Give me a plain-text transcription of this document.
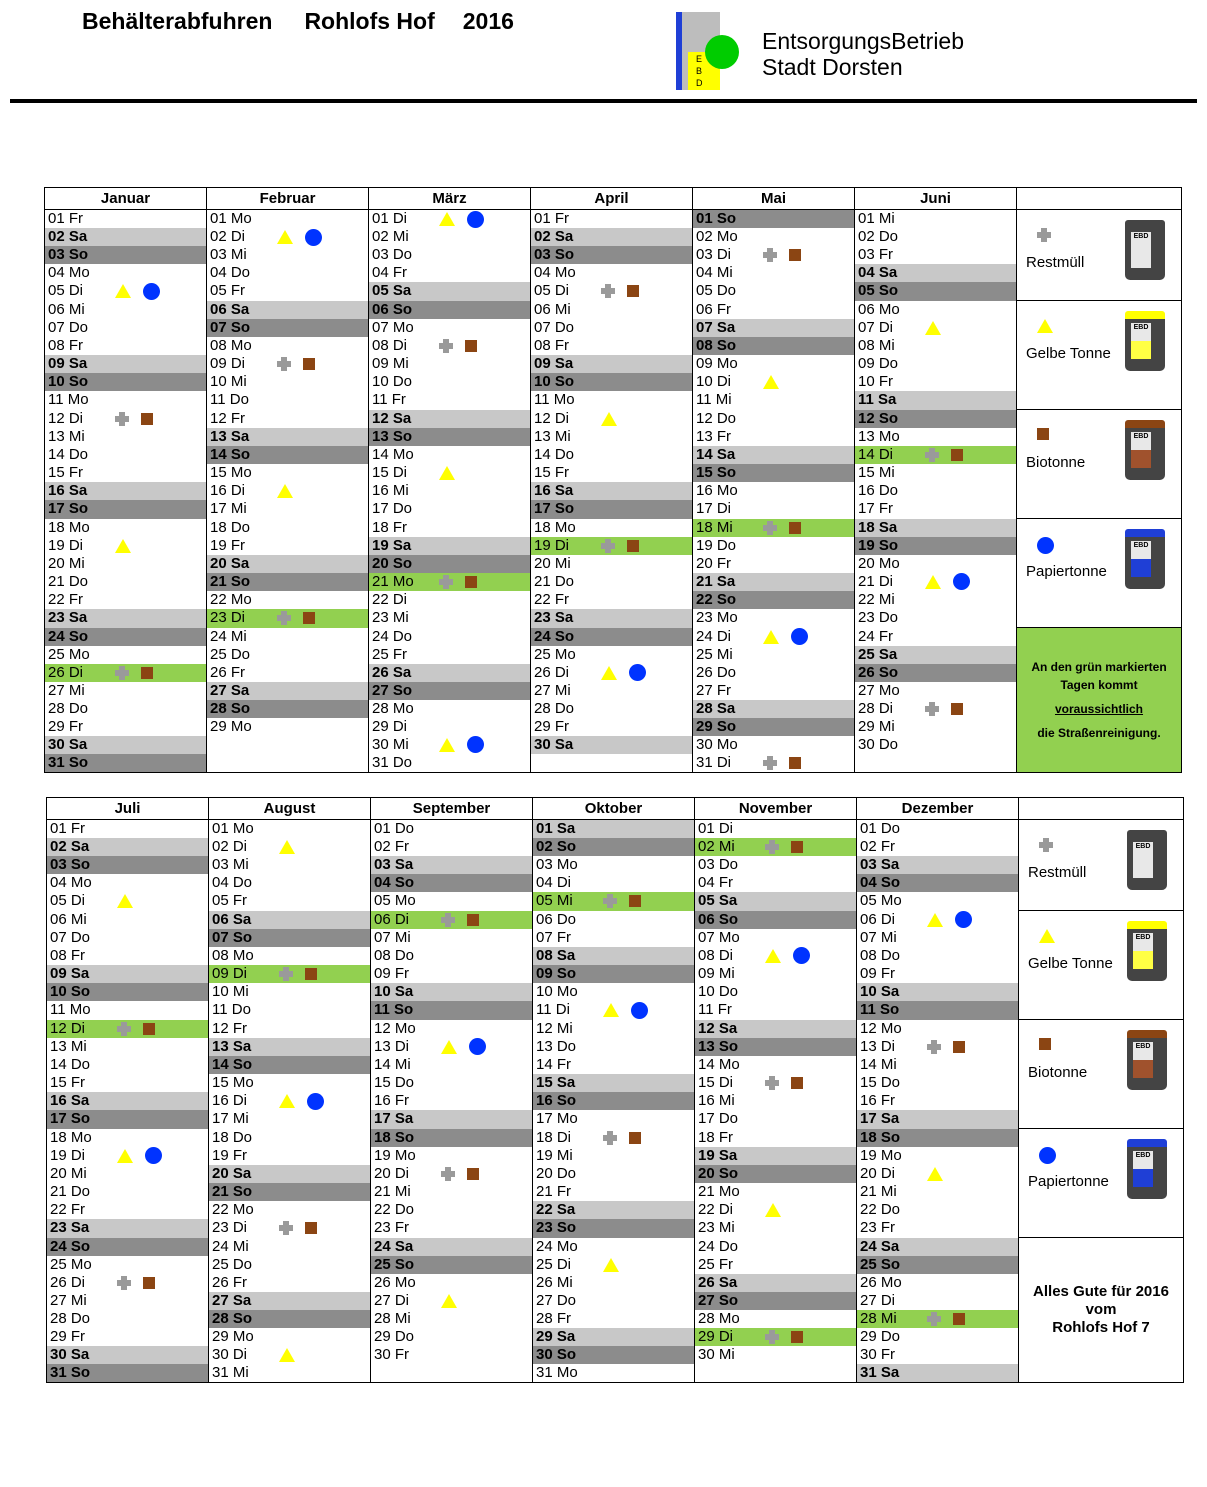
Behälterabfuhren Rohlofs Hof 2016
E
B
D
EntsorgungsBetrieb
Stadt Dorsten
Januar	Februar	März	April	Mai	Juni	
01 Fr	01 Mo	01 Di	01 Fr	01 So	01 Mi	Restmüll
EBD

02 Sa	02 Di	02 Mi	02 Sa	02 Mo	02 Do	
03 So	03 Mi	03 Do	03 So	03 Di	03 Fr	
04 Mo	04 Do	04 Fr	04 Mo	04 Mi	04 Sa	
05 Di	05 Fr	05 Sa	05 Di	05 Do	05 So	
06 Mi	06 Sa	06 So	06 Mi	06 Fr	06 Mo	Gelbe Tonne
EBD

07 Do	07 So	07 Mo	07 Do	07 Sa	07 Di	

08 Fr	08 Mo	08 Di	08 Fr	08 So	08 Mi	
09 Sa	09 Di	09 Mi	09 Sa	09 Mo	09 Do	
10 So	10 Mi	10 Do	10 So	10 Di	10 Fr	
11 Mo	11 Do	11 Fr	11 Mo	11 Mi	11 Sa	
12 Di	12 Fr	12 Sa	12 Di	12 Do	12 So	Biotonne
EBD

13 Mi	13 Sa	13 So	13 Mi	13 Fr	13 Mo	
14 Do	14 So	14 Mo	14 Do	14 Sa	14 Di	

15 Fr	15 Mo	15 Di	15 Fr	15 So	15 Mi	
16 Sa	16 Di	16 Mi	16 Sa	16 Mo	16 Do	
17 So	17 Mi	17 Do	17 So	17 Di	17 Fr	
18 Mo	18 Do	18 Fr	18 Mo	18 Mi	18 Sa	Papiertonne
EBD

19 Di	19 Fr	19 Sa	19 Di	19 Do	19 So	
20 Mi	20 Sa	20 So	20 Mi	20 Fr	20 Mo	
21 Do	21 So	21 Mo	21 Do	21 Sa	21 Di	

22 Fr	22 Mo	22 Di	22 Fr	22 So	22 Mi	
23 Sa	23 Di	23 Mi	23 Sa	23 Mo	23 Do	
24 So	24 Mi	24 Do	24 So	24 Di	24 Fr	An den grün markierten
Tagen kommt

voraussichtlich

die Straßenreinigung.

25 Mo	25 Do	25 Fr	25 Mo	25 Mi	25 Sa	
26 Di	26 Fr	26 Sa	26 Di	26 Do	26 So	
27 Mi	27 Sa	27 So	27 Mi	27 Fr	27 Mo	
28 Do	28 So	28 Mo	28 Do	28 Sa	28 Di	

29 Fr	29 Mo	29 Di	29 Fr	29 So	29 Mi	
30 Sa		30 Mi	30 Sa	30 Mo	30 Do	
31 So		31 Do		31 Di	

Juli	August	September	Oktober	November	Dezember	
01 Fr	01 Mo	01 Do	01 Sa	01 Di	01 Do	Restmüll
EBD

02 Sa	02 Di	02 Fr	02 So	02 Mi	02 Fr	
03 So	03 Mi	03 Sa	03 Mo	03 Do	03 Sa	
04 Mo	04 Do	04 So	04 Di	04 Fr	04 So	
05 Di	05 Fr	05 Mo	05 Mi	05 Sa	05 Mo	
06 Mi	06 Sa	06 Di	06 Do	06 So	06 Di	Gelbe Tonne
EBD

07 Do	07 So	07 Mi	07 Fr	07 Mo	07 Mi	
08 Fr	08 Mo	08 Do	08 Sa	08 Di	08 Do	
09 Sa	09 Di	09 Fr	09 So	09 Mi	09 Fr	
10 So	10 Mi	10 Sa	10 Mo	10 Do	10 Sa	
11 Mo	11 Do	11 So	11 Di	11 Fr	11 So	
12 Di	12 Fr	12 Mo	12 Mi	12 Sa	12 Mo	Biotonne
EBD

13 Mi	13 Sa	13 Di	13 Do	13 So	13 Di	

14 Do	14 So	14 Mi	14 Fr	14 Mo	14 Mi	
15 Fr	15 Mo	15 Do	15 Sa	15 Di	15 Do	
16 Sa	16 Di	16 Fr	16 So	16 Mi	16 Fr	
17 So	17 Mi	17 Sa	17 Mo	17 Do	17 Sa	
18 Mo	18 Do	18 So	18 Di	18 Fr	18 So	Papiertonne
EBD

19 Di	19 Fr	19 Mo	19 Mi	19 Sa	19 Mo	
20 Mi	20 Sa	20 Di	20 Do	20 So	20 Di	

21 Do	21 So	21 Mi	21 Fr	21 Mo	21 Mi	
22 Fr	22 Mo	22 Do	22 Sa	22 Di	22 Do	
23 Sa	23 Di	23 Fr	23 So	23 Mi	23 Fr	
24 So	24 Mi	24 Sa	24 Mo	24 Do	24 Sa	Alles Gute für 2016
vom
Rohlofs Hof 7
25 Mo	25 Do	25 So	25 Di	25 Fr	25 So	
26 Di	26 Fr	26 Mo	26 Mi	26 Sa	26 Mo	
27 Mi	27 Sa	27 Di	27 Do	27 So	27 Di	
28 Do	28 So	28 Mi	28 Fr	28 Mo	28 Mi	

29 Fr	29 Mo	29 Do	29 Sa	29 Di	29 Do	
30 Sa	30 Di	30 Fr	30 So	30 Mi	30 Fr	
31 So	31 Mi		31 Mo		31 Sa	
